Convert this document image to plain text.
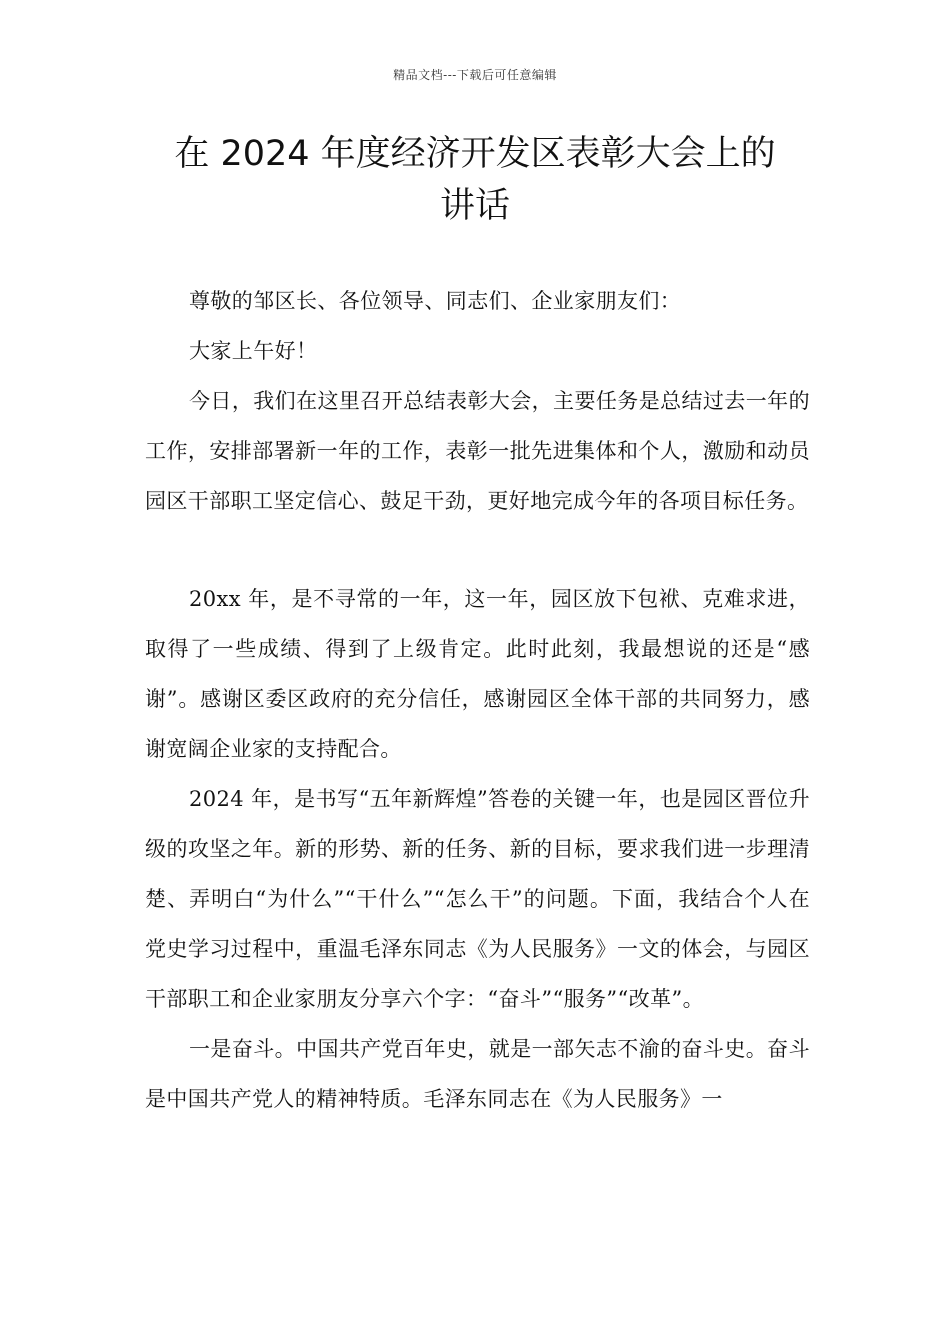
精品文档---下载后可任意编辑
在 2024 年度经济开发区表彰大会上的
讲话

尊敬的邹区长、各位领导、同志们、企业家朋友们：

大家上午好！

今日，我们在这里召开总结表彰大会，主要任务是总结过去一年的工作，安排部署新一年的工作，表彰一批先进集体和个人，激励和动员园区干部职工坚定信心、鼓足干劲，更好地完成今年的各项目标任务。

20xx 年，是不寻常的一年，这一年，园区放下包袱、克难求进，取得了一些成绩、得到了上级肯定。此时此刻，我最想说的还是“感谢”。感谢区委区政府的充分信任，感谢园区全体干部的共同努力，感谢宽阔企业家的支持配合。

2024 年，是书写“五年新辉煌”答卷的关键一年，也是园区晋位升级的攻坚之年。新的形势、新的任务、新的目标，要求我们进一步理清楚、弄明白“为什么”“干什么”“怎么干”的问题。下面，我结合个人在党史学习过程中，重温毛泽东同志《为人民服务》一文的体会，与园区干部职工和企业家朋友分享六个字：“奋斗”“服务”“改革”。

一是奋斗。中国共产党百年史，就是一部矢志不渝的奋斗史。奋斗是中国共产党人的精神特质。毛泽东同志在《为人民服务》一
